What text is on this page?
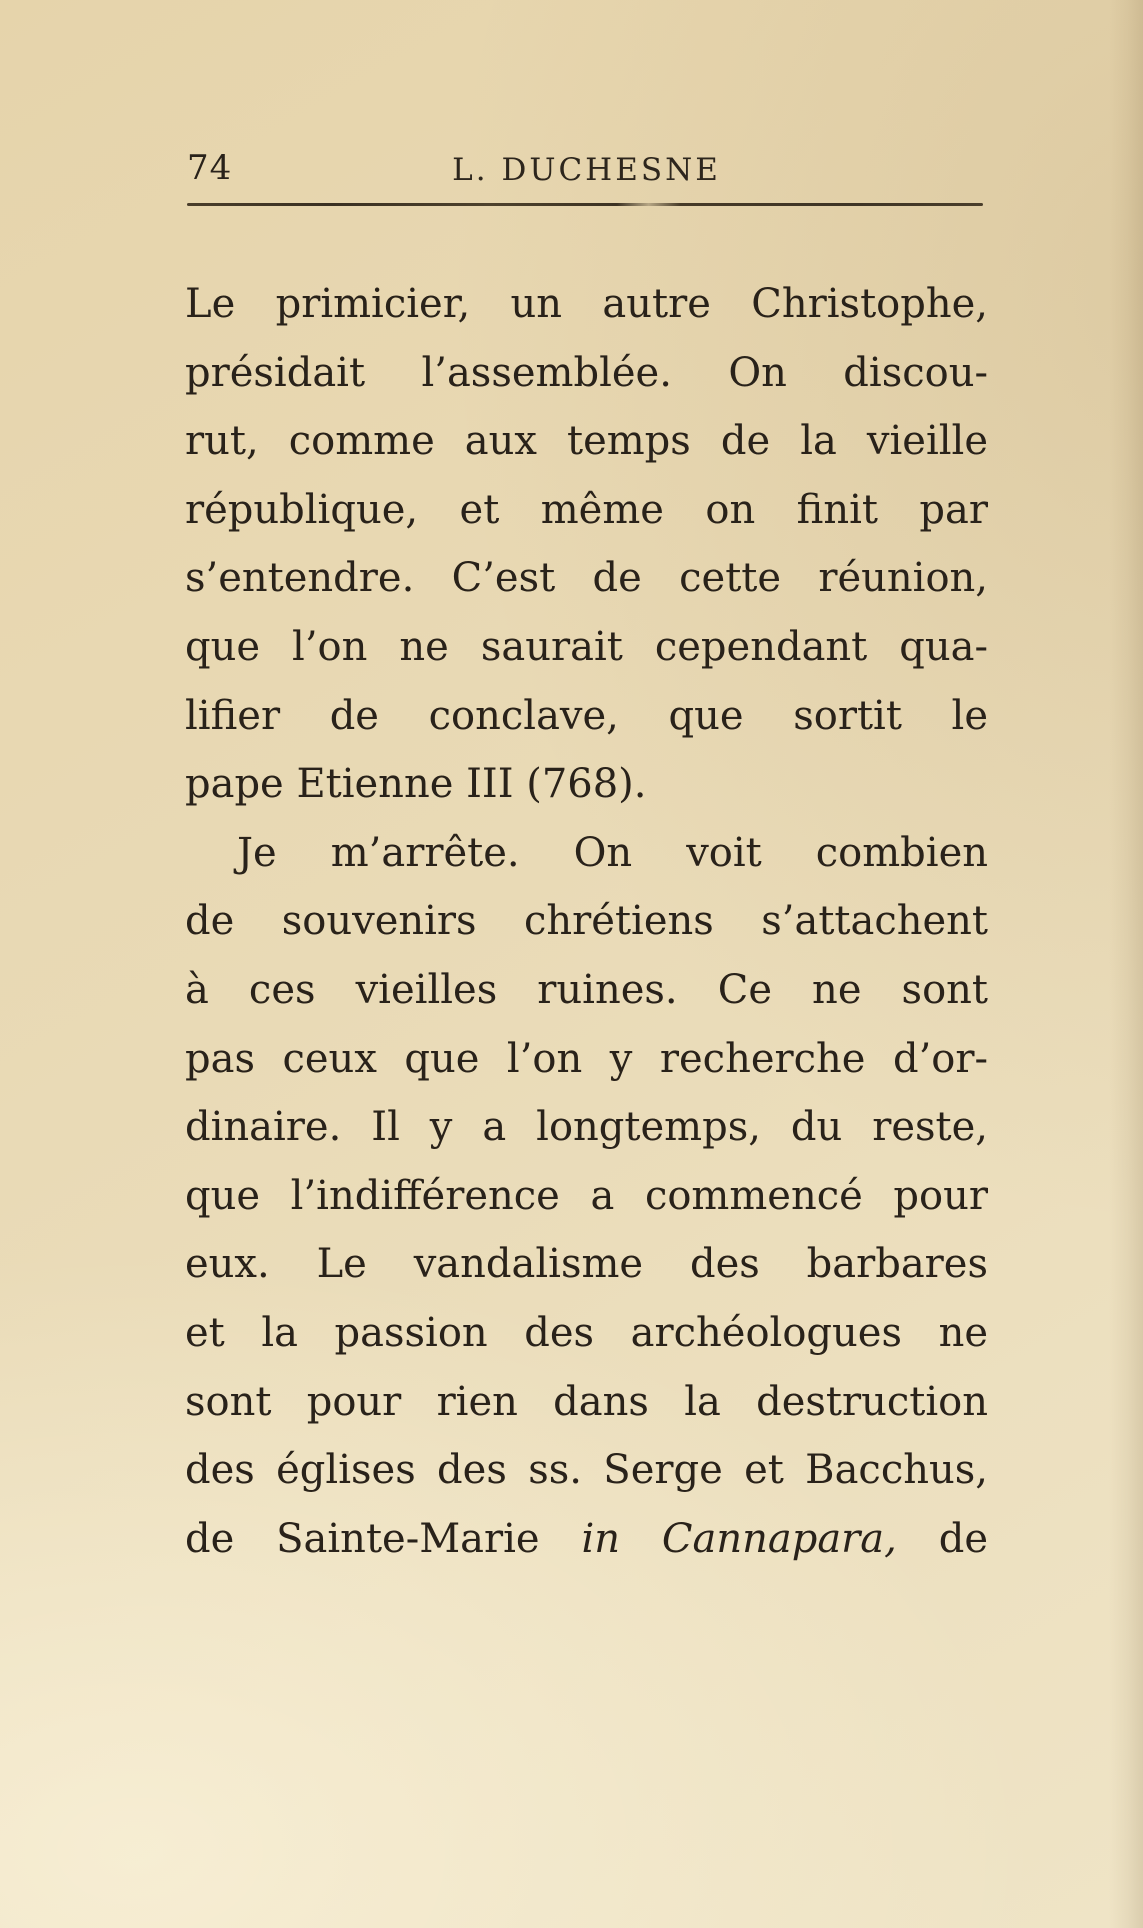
74	L. DUCHESNE
Le primicier, un autre Christophe,
présidait l’assemblée. On discou-
rut, comme aux temps de la vieille
république, et même on finit par
s’entendre. C’est de cette réunion,
que l’on ne saurait cependant qua-
lifier de conclave, que sortit le
pape Etienne III (768).
Je m’arrête. On voit combien
de souvenirs chrétiens s’attachent
à ces vieilles ruines. Ce ne sont
pas ceux que l’on y recherche d’or-
dinaire. Il y a longtemps, du reste,
que l’indifférence a commencé pour
eux. Le vandalisme des barbares
et la passion des archéologues ne
sont pour rien dans la destruction
des églises des ss. Serge et Bacchus,
de Sainte-Marie in Cannapara, de
